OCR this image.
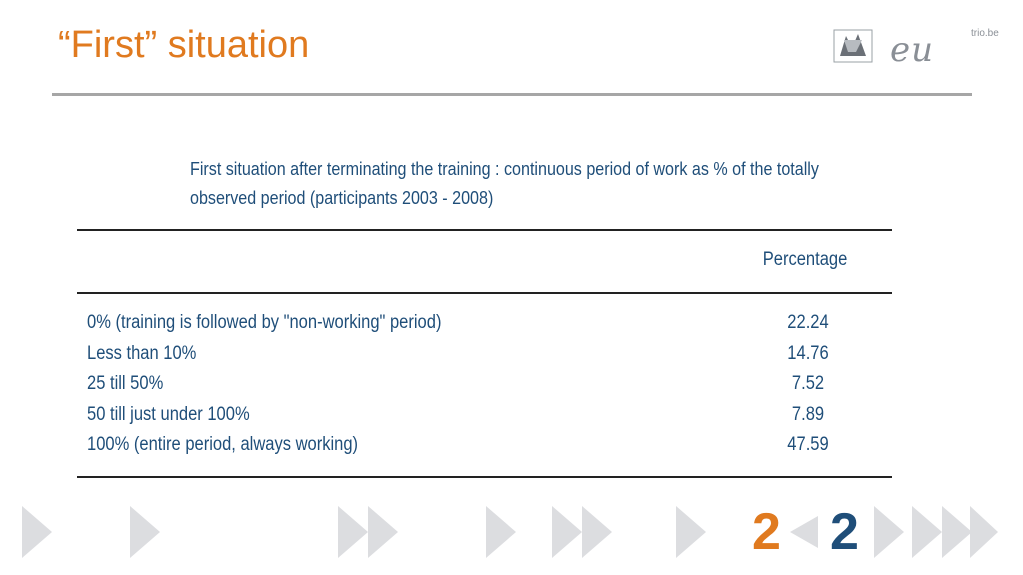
“First” situation	eu	trio.be
First situation after terminating the training : continuous period of work as % of the totally observed period (participants 2003 - 2008)
Percentage
0% (training is followed by "non-working" period)	22.24
Less than 10%	14.76
25 till 50%	7.52
50 till just under 100%	7.89
100% (entire period, always working)	47.59
2 2
